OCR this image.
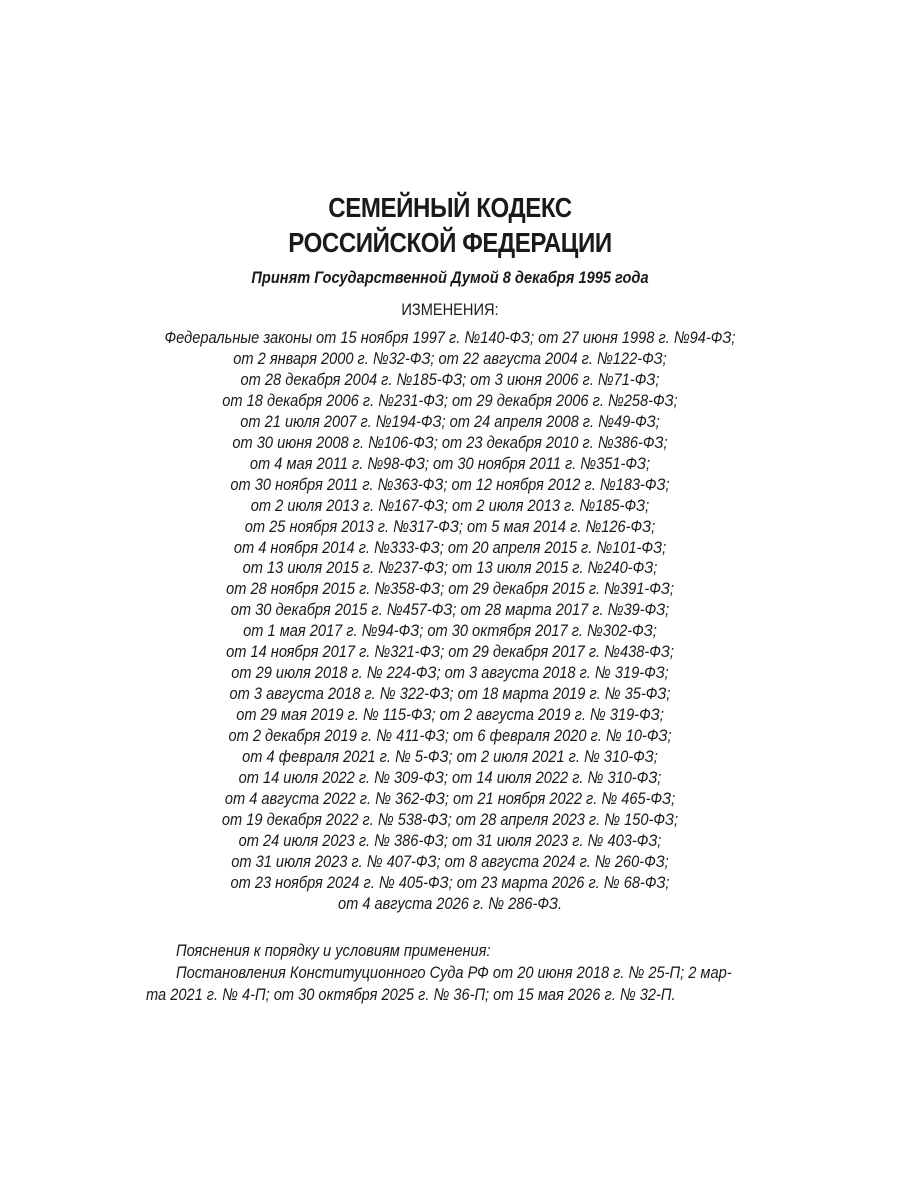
СЕМЕЙНЫЙ КОДЕКС
РОССИЙСКОЙ ФЕДЕРАЦИИ
Принят Государственной Думой 8 декабря 1995 года
ИЗМЕНЕНИЯ:
Федеральные законы от 15 ноября 1997 г. №140-ФЗ; от 27 июня 1998 г. №94-ФЗ;
от 2 января 2000 г. №32-ФЗ; от 22 августа 2004 г. №122-ФЗ;
от 28 декабря 2004 г. №185-ФЗ; от 3 июня 2006 г. №71-ФЗ;
от 18 декабря 2006 г. №231-ФЗ; от 29 декабря 2006 г. №258-ФЗ;
от 21 июля 2007 г. №194-ФЗ; от 24 апреля 2008 г. №49-ФЗ;
от 30 июня 2008 г. №106-ФЗ; от 23 декабря 2010 г. №386-ФЗ;
от 4 мая 2011 г. №98-ФЗ; от 30 ноября 2011 г. №351-ФЗ;
от 30 ноября 2011 г. №363-ФЗ; от 12 ноября 2012 г. №183-ФЗ;
от 2 июля 2013 г. №167-ФЗ; от 2 июля 2013 г. №185-ФЗ;
от 25 ноября 2013 г. №317-ФЗ; от 5 мая 2014 г. №126-ФЗ;
от 4 ноября 2014 г. №333-ФЗ; от 20 апреля 2015 г. №101-ФЗ;
от 13 июля 2015 г. №237-ФЗ; от 13 июля 2015 г. №240-ФЗ;
от 28 ноября 2015 г. №358-ФЗ; от 29 декабря 2015 г. №391-ФЗ;
от 30 декабря 2015 г. №457-ФЗ; от 28 марта 2017 г. №39-ФЗ;
от 1 мая 2017 г. №94-ФЗ; от 30 октября 2017 г. №302-ФЗ;
от 14 ноября 2017 г. №321-ФЗ; от 29 декабря 2017 г. №438-ФЗ;
от 29 июля 2018 г. № 224-ФЗ; от 3 августа 2018 г. № 319-ФЗ;
от 3 августа 2018 г. № 322-ФЗ; от 18 марта 2019 г. № 35-ФЗ;
от 29 мая 2019 г. № 115-ФЗ; от 2 августа 2019 г. № 319-ФЗ;
от 2 декабря 2019 г. № 411-ФЗ; от 6 февраля 2020 г. № 10-ФЗ;
от 4 февраля 2021 г. № 5-ФЗ; от 2 июля 2021 г. № 310-ФЗ;
от 14 июля 2022 г. № 309-ФЗ; от 14 июля 2022 г. № 310-ФЗ;
от 4 августа 2022 г. № 362-ФЗ; от 21 ноября 2022 г. № 465-ФЗ;
от 19 декабря 2022 г. № 538-ФЗ; от 28 апреля 2023 г. № 150-ФЗ;
от 24 июля 2023 г. № 386-ФЗ; от 31 июля 2023 г. № 403-ФЗ;
от 31 июля 2023 г. № 407-ФЗ; от 8 августа 2024 г. № 260-ФЗ;
от 23 ноября 2024 г. № 405-ФЗ; от 23 марта 2026 г. № 68-ФЗ;
от 4 августа 2026 г. № 286-ФЗ.
Пояснения к порядку и условиям применения:
Постановления Конституционного Суда РФ от 20 июня 2018 г. № 25-П; 2 мар-
та 2021 г. № 4-П; от 30 октября 2025 г. № 36-П; от 15 мая 2026 г. № 32-П.
